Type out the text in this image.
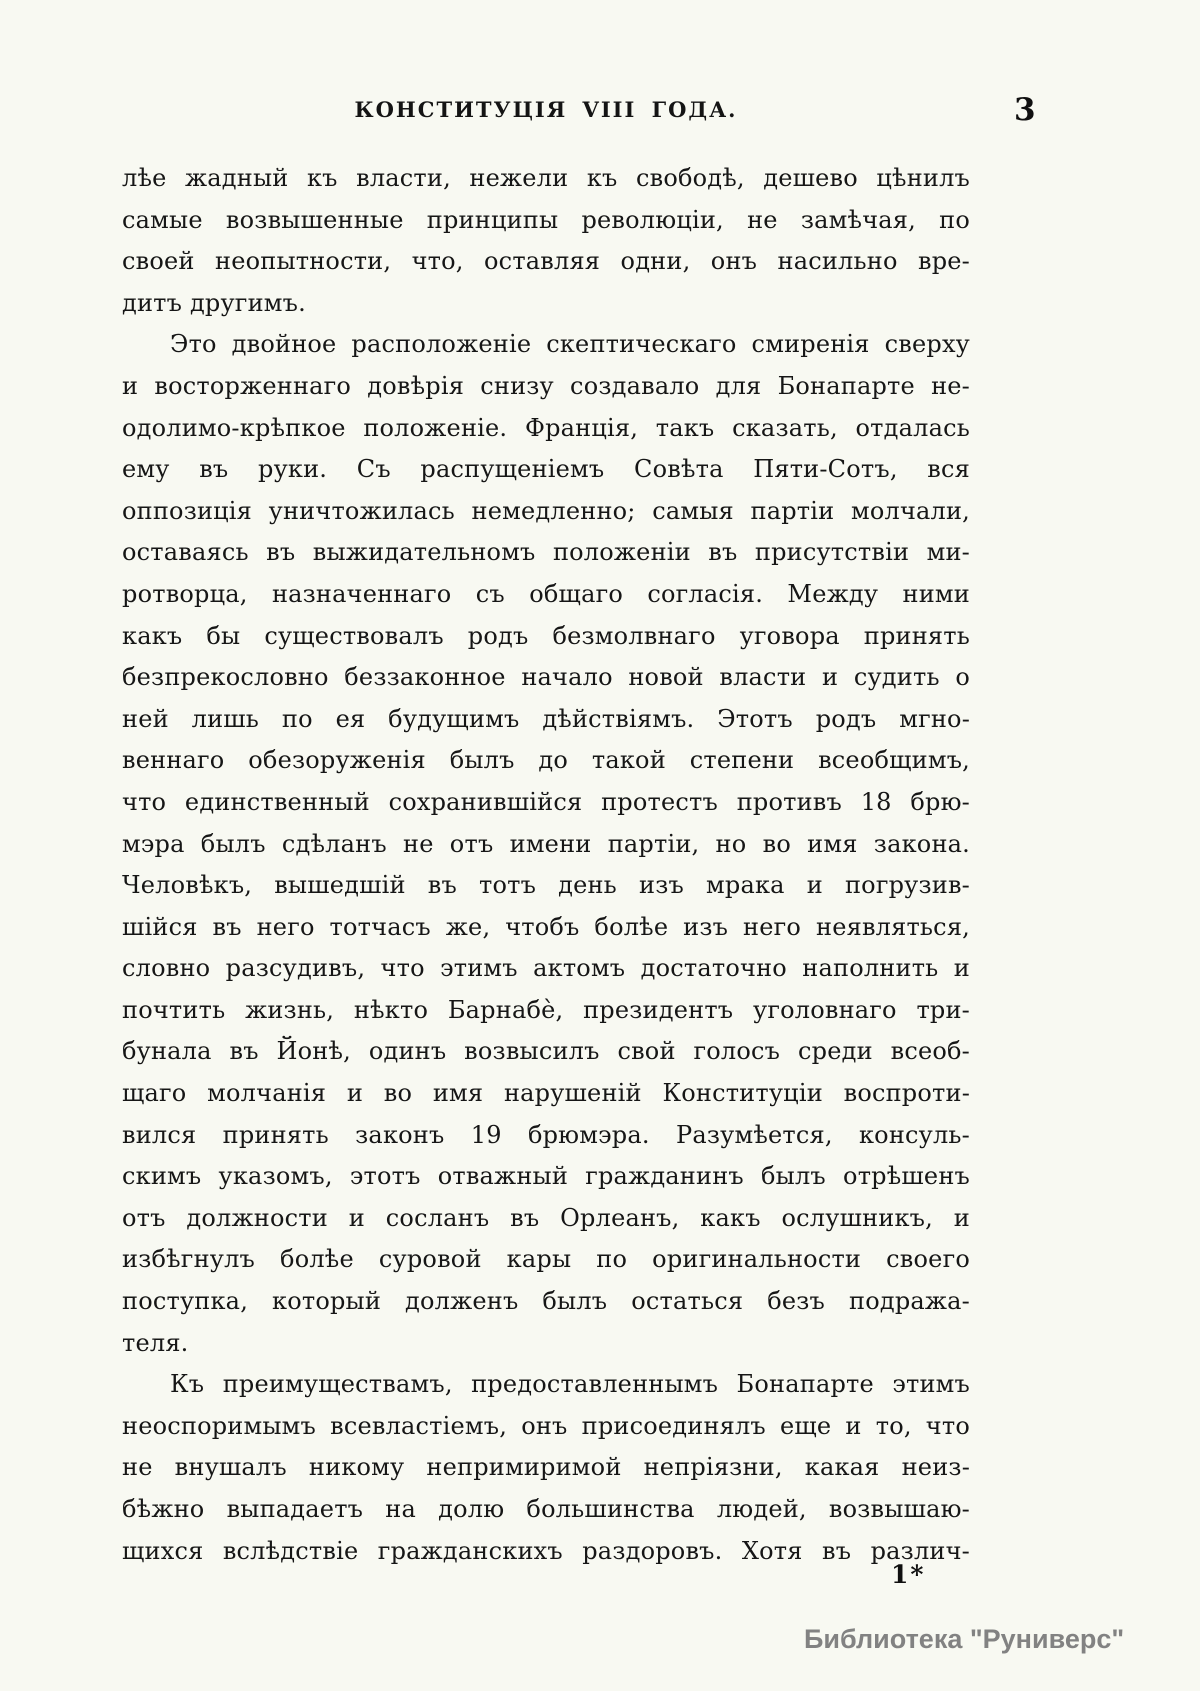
КОНСТИТУЦІЯ VIII ГОДА.	3
лѣе жадный къ власти, нежели къ свободѣ, дешево цѣнилъ
самые возвышенные принципы революціи, не замѣчая, по
своей неопытности, что, оставляя одни, онъ насильно вре-
дитъ другимъ.
Это двойное расположеніе скептическаго смиренія сверху
и восторженнаго довѣрія снизу создавало для Бонапарте не-
одолимо-крѣпкое положеніе. Франція, такъ сказать, отдалась
ему въ руки. Съ распущеніемъ Совѣта Пяти-Сотъ, вся
оппозиція уничтожилась немедленно; самыя партіи молчали,
оставаясь въ выжидательномъ положеніи въ присутствіи ми-
ротворца, назначеннаго съ общаго согласія. Между ними
какъ бы существовалъ родъ безмолвнаго уговора принять
безпрекословно беззаконное начало новой власти и судить о
ней лишь по ея будущимъ дѣйствіямъ. Этотъ родъ мгно-
веннаго обезоруженія былъ до такой степени всеобщимъ,
что единственный сохранившійся протестъ противъ 18 брю-
мэра былъ сдѣланъ не отъ имени партіи, но во имя закона.
Человѣкъ, вышедшій въ тотъ день изъ мрака и погрузив-
шійся въ него тотчасъ же, чтобъ болѣе изъ него неявляться,
словно разсудивъ, что этимъ актомъ достаточно наполнить и
почтить жизнь, нѣкто Барнабѐ, президентъ уголовнаго три-
бунала въ Йонѣ, одинъ возвысилъ свой голосъ среди всеоб-
щаго молчанія и во имя нарушеній Конституціи воспроти-
вился принять законъ 19 брюмэра. Разумѣется, консуль-
скимъ указомъ, этотъ отважный гражданинъ былъ отрѣшенъ
отъ должности и сосланъ въ Орлеанъ, какъ ослушникъ, и
избѣгнулъ болѣе суровой кары по оригинальности своего
поступка, который долженъ былъ остаться безъ подража-
теля.
Къ преимуществамъ, предоставленнымъ Бонапарте этимъ
неоспоримымъ всевластіемъ, онъ присоединялъ еще и то, что
не внушалъ никому непримиримой непріязни, какая неиз-
бѣжно выпадаетъ на долю большинства людей, возвышаю-
щихся вслѣдствіе гражданскихъ раздоровъ. Хотя въ различ-
1*
Библиотека "Руниверс"
